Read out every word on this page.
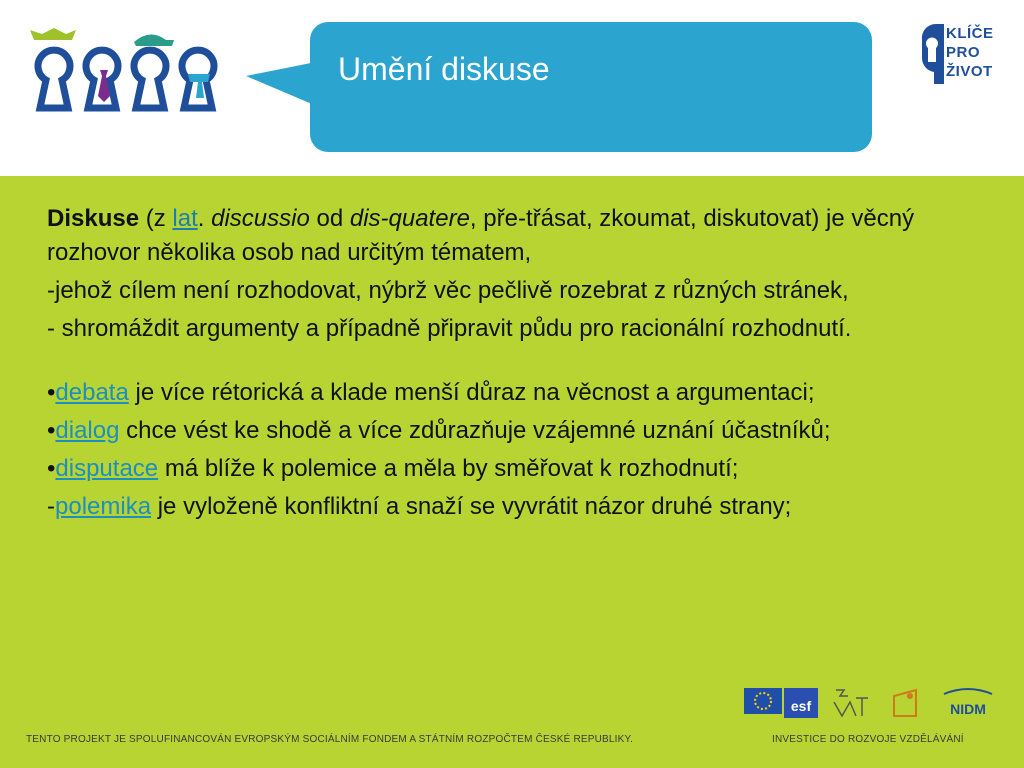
Umění diskuse
KLÍČE
PRO
ŽIVOT

Diskuse (z lat. discussio od dis-quatere, pře-třásat, zkoumat, diskutovat) je věcný rozhovor několika osob nad určitým tématem,

-jehož cílem není rozhodovat, nýbrž věc pečlivě rozebrat z různých stránek,

- shromáždit argumenty a případně připravit půdu pro racionální rozhodnutí.

•debata je více rétorická a klade menší důraz na věcnost a argumentaci;

•dialog chce vést ke shodě a více zdůrazňuje vzájemné uznání účastníků;

•disputace má blíže k polemice a měla by směřovat k rozhodnutí;

-polemika je vyloženě konfliktní a snaží se vyvrátit názor druhé strany;

esf	NIDM
TENTO PROJEKT JE SPOLUFINANCOVÁN EVROPSKÝM SOCIÁLNÍM FONDEM A STÁTNÍM ROZPOČTEM ČESKÉ REPUBLIKY.	INVESTICE DO ROZVOJE VZDĚLÁVÁNÍ
